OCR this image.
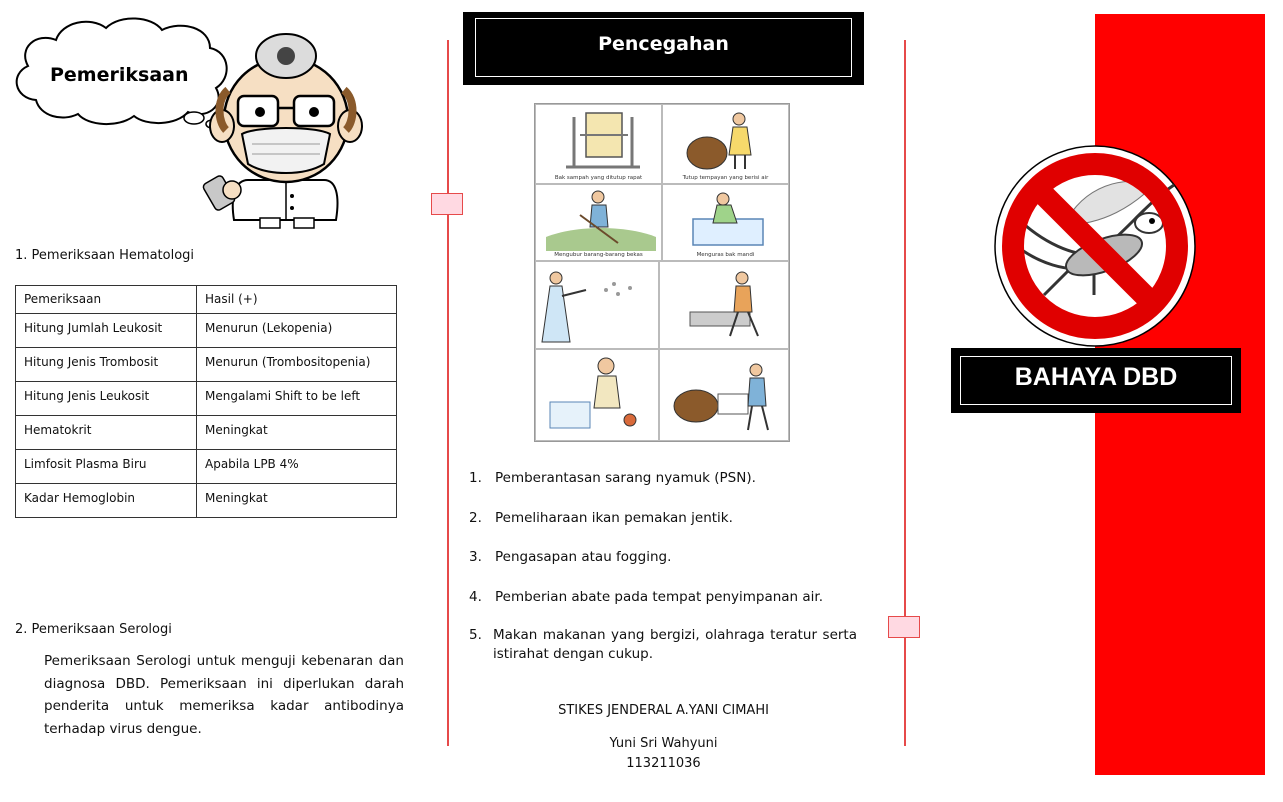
Pemeriksaan
1. Pemeriksaan Hematologi
Pemeriksaan	Hasil (+)
Hitung Jumlah Leukosit	Menurun (Lekopenia)
Hitung Jenis Trombosit	Menurun (Trombositopenia)
Hitung Jenis Leukosit	Mengalami Shift to be left
Hematokrit	Meningkat
Limfosit Plasma Biru	Apabila LPB 4%
Kadar Hemoglobin	Meningkat
2. Pemeriksaan Serologi
Pemeriksaan Serologi untuk menguji kebenaran dan diagnosa DBD. Pemeriksaan ini diperlukan darah penderita untuk memeriksa kadar antibodinya terhadap virus dengue.
Pencegahan
Bak sampah yang ditutup rapat	Tutup tempayan yang berisi air
Mengubur barang-barang bekas	Menguras bak mandi
1. Pemberantasan sarang nyamuk (PSN).
2. Pemeliharaan ikan pemakan jentik.
3. Pengasapan atau fogging.
4. Pemberian abate pada tempat penyimpanan air.
5. Makan makanan yang bergizi, olahraga teratur serta istirahat dengan cukup.
STIKES JENDERAL A.YANI CIMAHI
Yuni Sri Wahyuni
113211036
BAHAYA DBD
